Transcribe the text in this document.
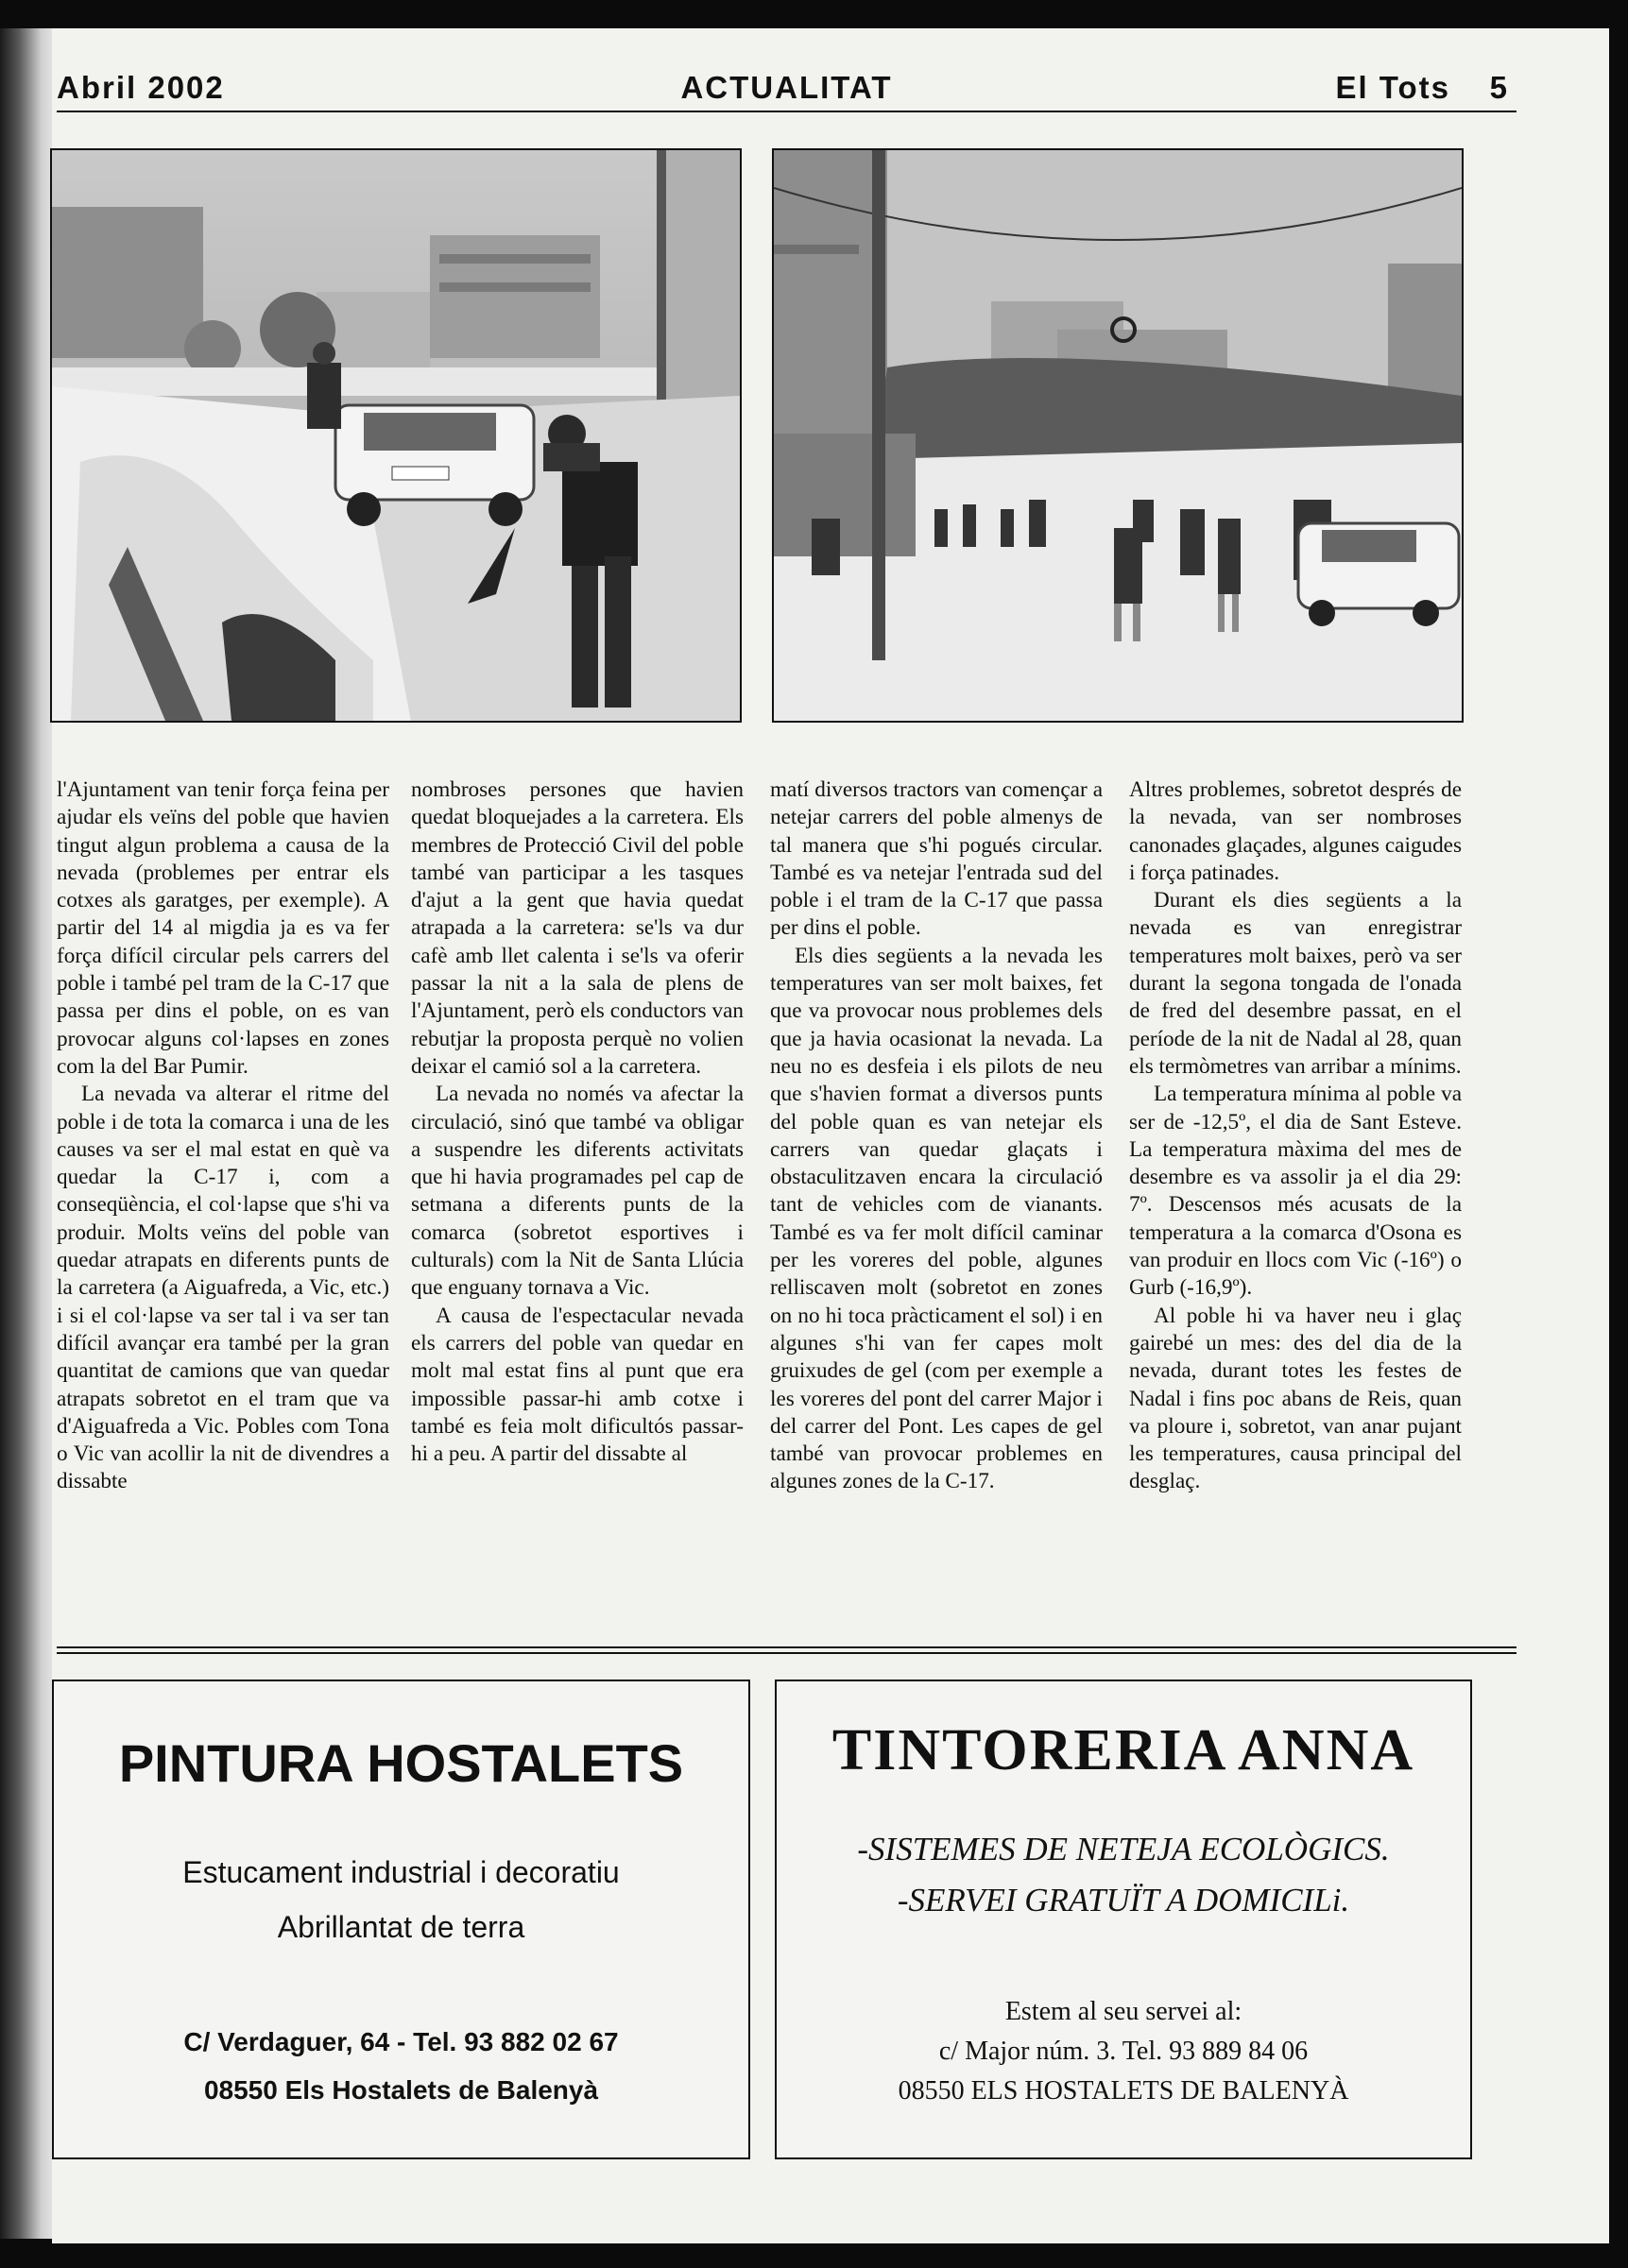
ACTUALITAT
Abril 2002	El Tots 5

l'Ajuntament van tenir força feina per ajudar els veïns del poble que havien tingut algun problema a causa de la nevada (problemes per entrar els cotxes als garatges, per exemple). A partir del 14 al migdia ja es va fer força difícil circular pels carrers del poble i també pel tram de la C-17 que passa per dins el poble, on es van provocar alguns col·lapses en zones com la del Bar Pumir.

La nevada va alterar el ritme del poble i de tota la comarca i una de les causes va ser el mal estat en què va quedar la C-17 i, com a conseqüència, el col·lapse que s'hi va produir. Molts veïns del poble van quedar atrapats en diferents punts de la carretera (a Aiguafreda, a Vic, etc.) i si el col·lapse va ser tal i va ser tan difícil avançar era també per la gran quantitat de camions que van quedar atrapats sobretot en el tram que va d'Aiguafreda a Vic. Pobles com Tona o Vic van acollir la nit de divendres a dissabte

nombroses persones que havien quedat bloquejades a la carretera. Els membres de Protecció Civil del poble també van participar a les tasques d'ajut a la gent que havia quedat atrapada a la carretera: se'ls va dur cafè amb llet calenta i se'ls va oferir passar la nit a la sala de plens de l'Ajuntament, però els conductors van rebutjar la proposta perquè no volien deixar el camió sol a la carretera.

La nevada no només va afectar la circulació, sinó que també va obligar a suspendre les diferents activitats que hi havia programades pel cap de setmana a diferents punts de la comarca (sobretot esportives i culturals) com la Nit de Santa Llúcia que enguany tornava a Vic.

A causa de l'espectacular nevada els carrers del poble van quedar en molt mal estat fins al punt que era impossible passar-hi amb cotxe i també es feia molt dificultós passar-hi a peu. A partir del dissabte al

matí diversos tractors van començar a netejar carrers del poble almenys de tal manera que s'hi pogués circular. També es va netejar l'entrada sud del poble i el tram de la C-17 que passa per dins el poble.

Els dies següents a la nevada les temperatures van ser molt baixes, fet que va provocar nous problemes dels que ja havia ocasionat la nevada. La neu no es desfeia i els pilots de neu que s'havien format a diversos punts del poble quan es van netejar els carrers van quedar glaçats i obstaculitzaven encara la circulació tant de vehicles com de vianants. També es va fer molt difícil caminar per les voreres del poble, algunes relliscaven molt (sobretot en zones on no hi toca pràcticament el sol) i en algunes s'hi van fer capes molt gruixudes de gel (com per exemple a les voreres del pont del carrer Major i del carrer del Pont. Les capes de gel també van provocar problemes en algunes zones de la C-17.

Altres problemes, sobretot després de la nevada, van ser nombroses canonades glaçades, algunes caigudes i força patinades.

Durant els dies següents a la nevada es van enregistrar temperatures molt baixes, però va ser durant la segona tongada de l'onada de fred del desembre passat, en el període de la nit de Nadal al 28, quan els termòmetres van arribar a mínims.

La temperatura mínima al poble va ser de -12,5º, el dia de Sant Esteve. La temperatura màxima del mes de desembre es va assolir ja el dia 29: 7º. Descensos més acusats de la temperatura a la comarca d'Osona es van produir en llocs com Vic (-16º) o Gurb (-16,9º).

Al poble hi va haver neu i glaç gairebé un mes: des del dia de la nevada, durant totes les festes de Nadal i fins poc abans de Reis, quan va ploure i, sobretot, van anar pujant les temperatures, causa principal del desglaç.

PINTURA HOSTALETS
Estucament industrial i decoratiu
Abrillantat de terra
C/ Verdaguer, 64 - Tel. 93 882 02 67
08550 Els Hostalets de Balenyà
TINTORERIA ANNA
-SISTEMES DE NETEJA ECOLÒGICS.
-SERVEI GRATUÏT A DOMICILi.
Estem al seu servei al:
c/ Major núm. 3. Tel. 93 889 84 06
08550 ELS HOSTALETS DE BALENYÀ
